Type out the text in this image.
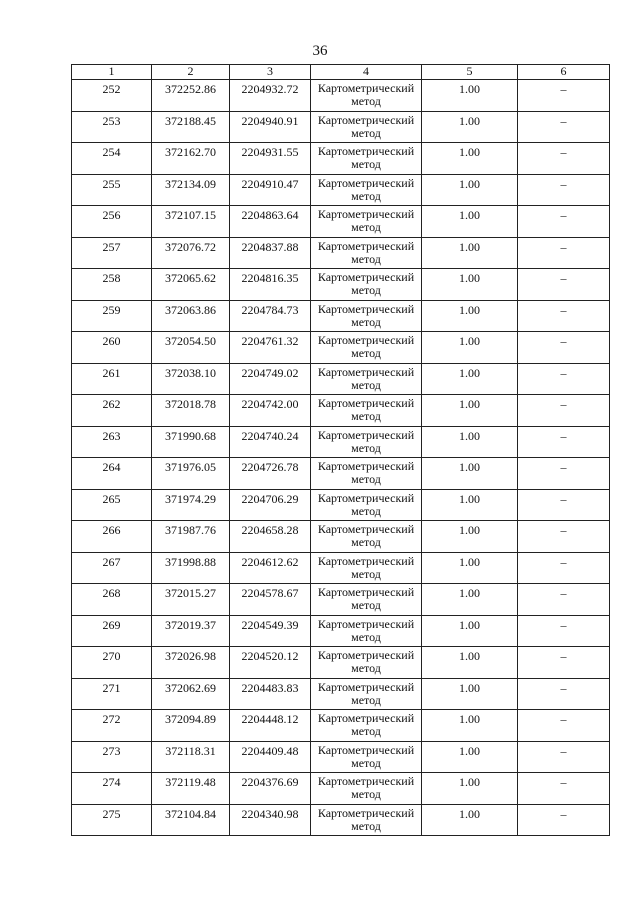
36
1	2	3	4	5	6
252	372252.86	2204932.72	Картометрический метод	1.00	–
253	372188.45	2204940.91	Картометрический метод	1.00	–
254	372162.70	2204931.55	Картометрический метод	1.00	–
255	372134.09	2204910.47	Картометрический метод	1.00	–
256	372107.15	2204863.64	Картометрический метод	1.00	–
257	372076.72	2204837.88	Картометрический метод	1.00	–
258	372065.62	2204816.35	Картометрический метод	1.00	–
259	372063.86	2204784.73	Картометрический метод	1.00	–
260	372054.50	2204761.32	Картометрический метод	1.00	–
261	372038.10	2204749.02	Картометрический метод	1.00	–
262	372018.78	2204742.00	Картометрический метод	1.00	–
263	371990.68	2204740.24	Картометрический метод	1.00	–
264	371976.05	2204726.78	Картометрический метод	1.00	–
265	371974.29	2204706.29	Картометрический метод	1.00	–
266	371987.76	2204658.28	Картометрический метод	1.00	–
267	371998.88	2204612.62	Картометрический метод	1.00	–
268	372015.27	2204578.67	Картометрический метод	1.00	–
269	372019.37	2204549.39	Картометрический метод	1.00	–
270	372026.98	2204520.12	Картометрический метод	1.00	–
271	372062.69	2204483.83	Картометрический метод	1.00	–
272	372094.89	2204448.12	Картометрический метод	1.00	–
273	372118.31	2204409.48	Картометрический метод	1.00	–
274	372119.48	2204376.69	Картометрический метод	1.00	–
275	372104.84	2204340.98	Картометрический метод	1.00	–
